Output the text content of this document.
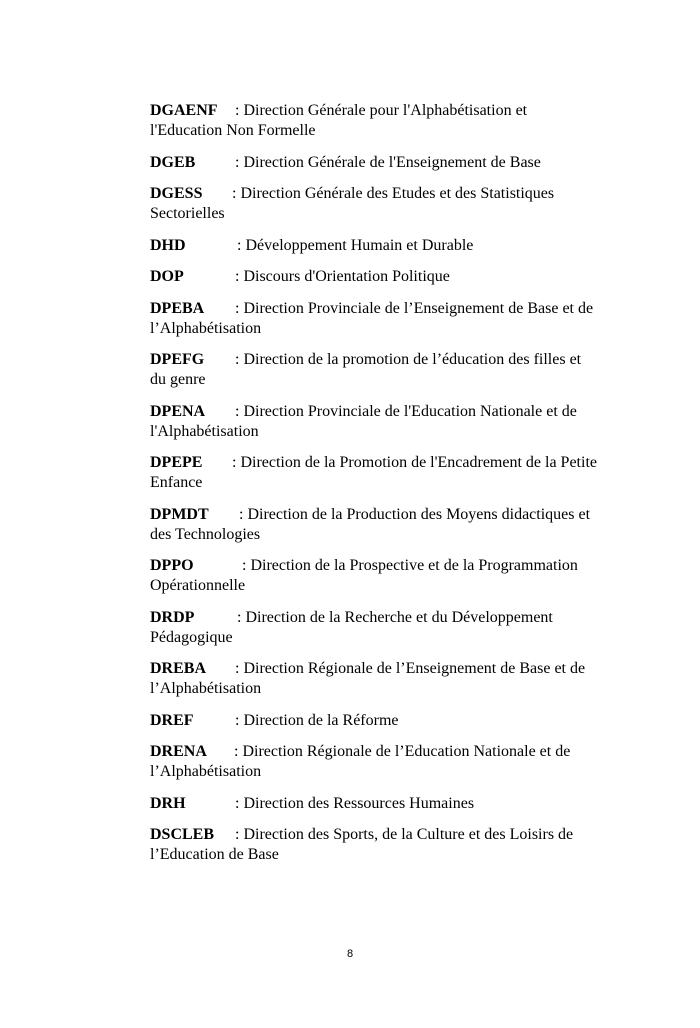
DGAENF : Direction Générale pour l'Alphabétisation et l'Education Non Formelle

DGEB : Direction Générale de l'Enseignement de Base

DGESS : Direction Générale des Etudes et des Statistiques Sectorielles

DHD	: Développement Humain et Durable

DOP	: Discours d'Orientation Politique

DPEBA : Direction Provinciale de l’Enseignement de Base et de l’Alphabétisation

DPEFG : Direction de la promotion de l’éducation des filles et du genre

DPENA : Direction Provinciale de l'Education Nationale et de l'Alphabétisation

DPEPE : Direction de la Promotion de l'Encadrement de la Petite Enfance

DPMDT : Direction de la Production des Moyens didactiques et des Technologies

DPPO	: Direction de la Prospective et de la Programmation Opérationnelle

DRDP	: Direction de la Recherche et du Développement Pédagogique

DREBA : Direction Régionale de l’Enseignement de Base et de l’Alphabétisation

DREF	: Direction de la Réforme

DRENA : Direction Régionale de l’Education Nationale et de l’Alphabétisation

DRH	: Direction des Ressources Humaines

DSCLEB : Direction des Sports, de la Culture et des Loisirs de l’Education de Base

8
